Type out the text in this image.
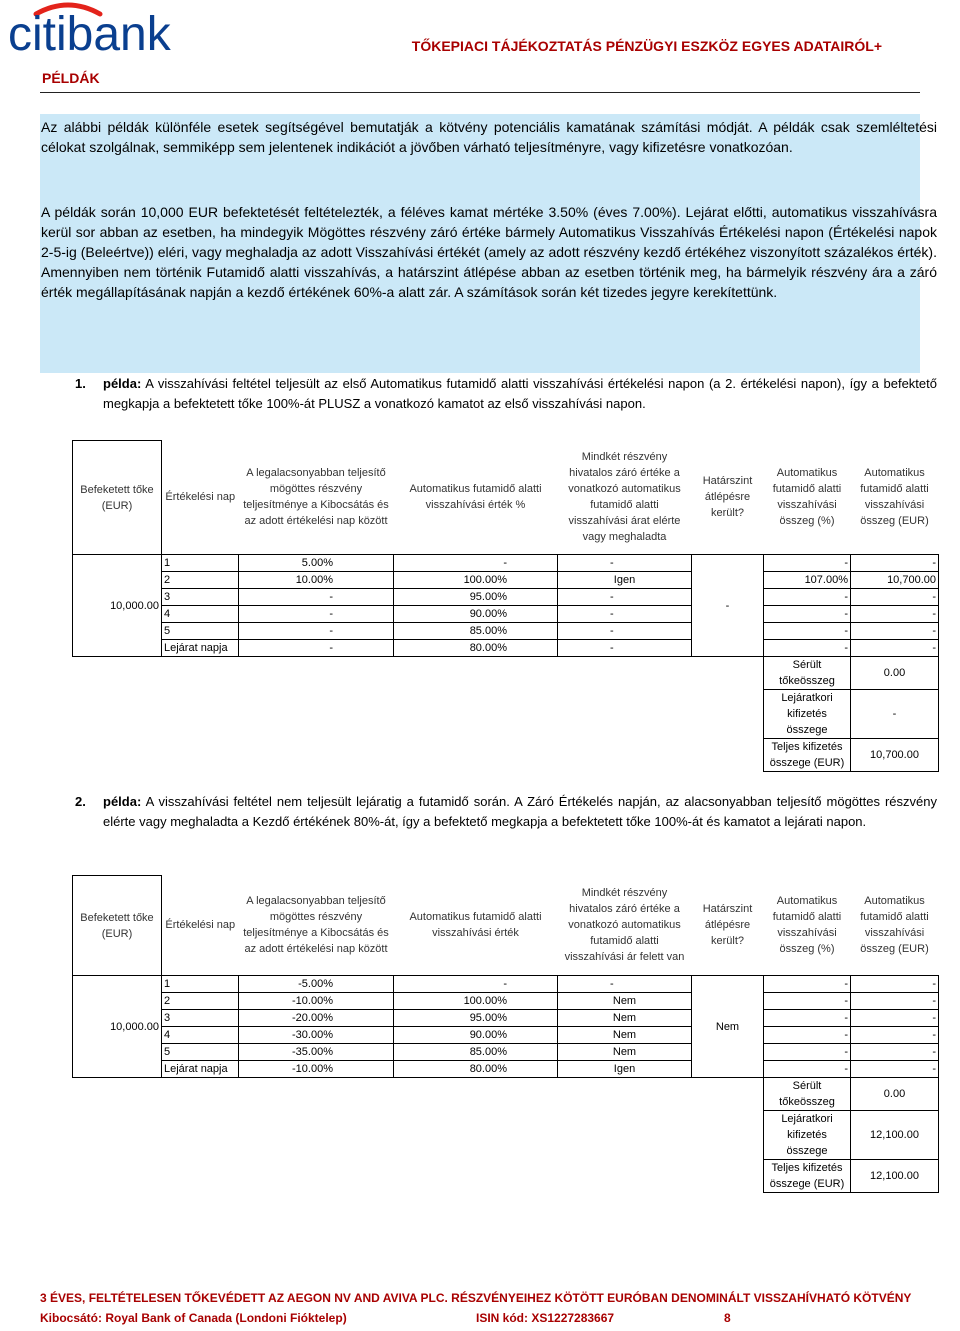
citibank	TŐKEPIACI TÁJÉKOZTATÁS PÉNZÜGYI ESZKÖZ EGYES ADATAIRÓL+
PÉLDÁK

Az alábbi példák különféle esetek segítségével bemutatják a kötvény potenciális kamatának számítási módját. A példák csak szemléltetési célokat szolgálnak, semmiképp sem jelentenek indikációt a jövőben várható teljesítményre, vagy kifizetésre vonatkozóan.

A példák során 10,000 EUR befektetését feltételezték, a féléves kamat mértéke 3.50% (éves 7.00%). Lejárat előtti, automatikus visszahívásra kerül sor abban az esetben, ha mindegyik Mögöttes részvény záró értéke bármely Automatikus Visszahívás Értékelési napon (Értékelési napok 2-5-ig (Beleértve)) eléri, vagy meghaladja az adott Visszahívási értékét (amely az adott részvény kezdő értékéhez viszonyított százalékos érték). Amennyiben nem történik Futamidő alatti visszahívás, a határszint átlépése abban az esetben történik meg, ha bármelyik részvény ára a záró érték megállapításának napján a kezdő értékének 60%-a alatt zár. A számítások során két tizedes jegyre kerekítettünk.

1. példa: A visszahívási feltétel teljesült az első Automatikus futamidő alatti visszahívási értékelési napon (a 2. értékelési napon), így a befektető megkapja a befektetett tőke 100%-át PLUSZ a vonatkozó kamatot az első visszahívási napon.
Befeketett tőke (EUR)	Értékelési nap	A legalacsonyabban teljesítő mögöttes részvény teljesítménye a Kibocsátás és az adott értékelési nap között	Automatikus futamidő alatti visszahívási érték %	Mindkét részvény hivatalos záró értéke a vonatkozó automatikus futamidő alatti visszahívási árat elérte vagy meghaladta	Határszint átlépésre került?	Automatikus futamidő alatti visszahívási összeg (%)	Automatikus futamidő alatti visszahívási összeg (EUR)
10,000.00	1	5.00%	-	-	-	-	-
	2	10.00%	100.00%	Igen		107.00%	10,700.00
	3	-	95.00%	-		-	-
	4	-	90.00%	-		-	-
	5	-	85.00%	-		-	-
	Lejárat napja	-	80.00%	-		-	-
						Sérült tőkeösszeg	0.00
						Lejáratkori kifizetés összege	-
						Teljes kifizetés összege (EUR)	10,700.00
2. példa: A visszahívási feltétel nem teljesült lejáratig a futamidő során. A Záró Értékelés napján, az alacsonyabban teljesítő mögöttes részvény elérte vagy meghaladta a Kezdő értékének 80%-át, így a befektető megkapja a befektetett tőke 100%-át és kamatot a lejárati napon.
Befeketett tőke (EUR)	Értékelési nap	A legalacsonyabban teljesítő mögöttes részvény teljesítménye a Kibocsátás és az adott értékelési nap között	Automatikus futamidő alatti visszahívási érték	Mindkét részvény hivatalos záró értéke a vonatkozó automatikus futamidő alatti visszahívási ár felett van	Határszint átlépésre került?	Automatikus futamidő alatti visszahívási összeg (%)	Automatikus futamidő alatti visszahívási összeg (EUR)
10,000.00	1	-5.00%	-	-	Nem	-	-
	2	-10.00%	100.00%	Nem		-	-
	3	-20.00%	95.00%	Nem		-	-
	4	-30.00%	90.00%	Nem		-	-
	5	-35.00%	85.00%	Nem		-	-
	Lejárat napja	-10.00%	80.00%	Igen		-	-
						Sérült tőkeösszeg	0.00
						Lejáratkori kifizetés összege	12,100.00
						Teljes kifizetés összege (EUR)	12,100.00
3 ÉVES, FELTÉTELESEN TŐKEVÉDETT AZ AEGON NV AND AVIVA PLC. RÉSZVÉNYEIHEZ KÖTÖTT EURÓBAN DENOMINÁLT VISSZAHÍVHATÓ KÖTVÉNY
Kibocsátó: Royal Bank of Canada (Londoni Fióktelep)	ISIN kód: XS1227283667	8
